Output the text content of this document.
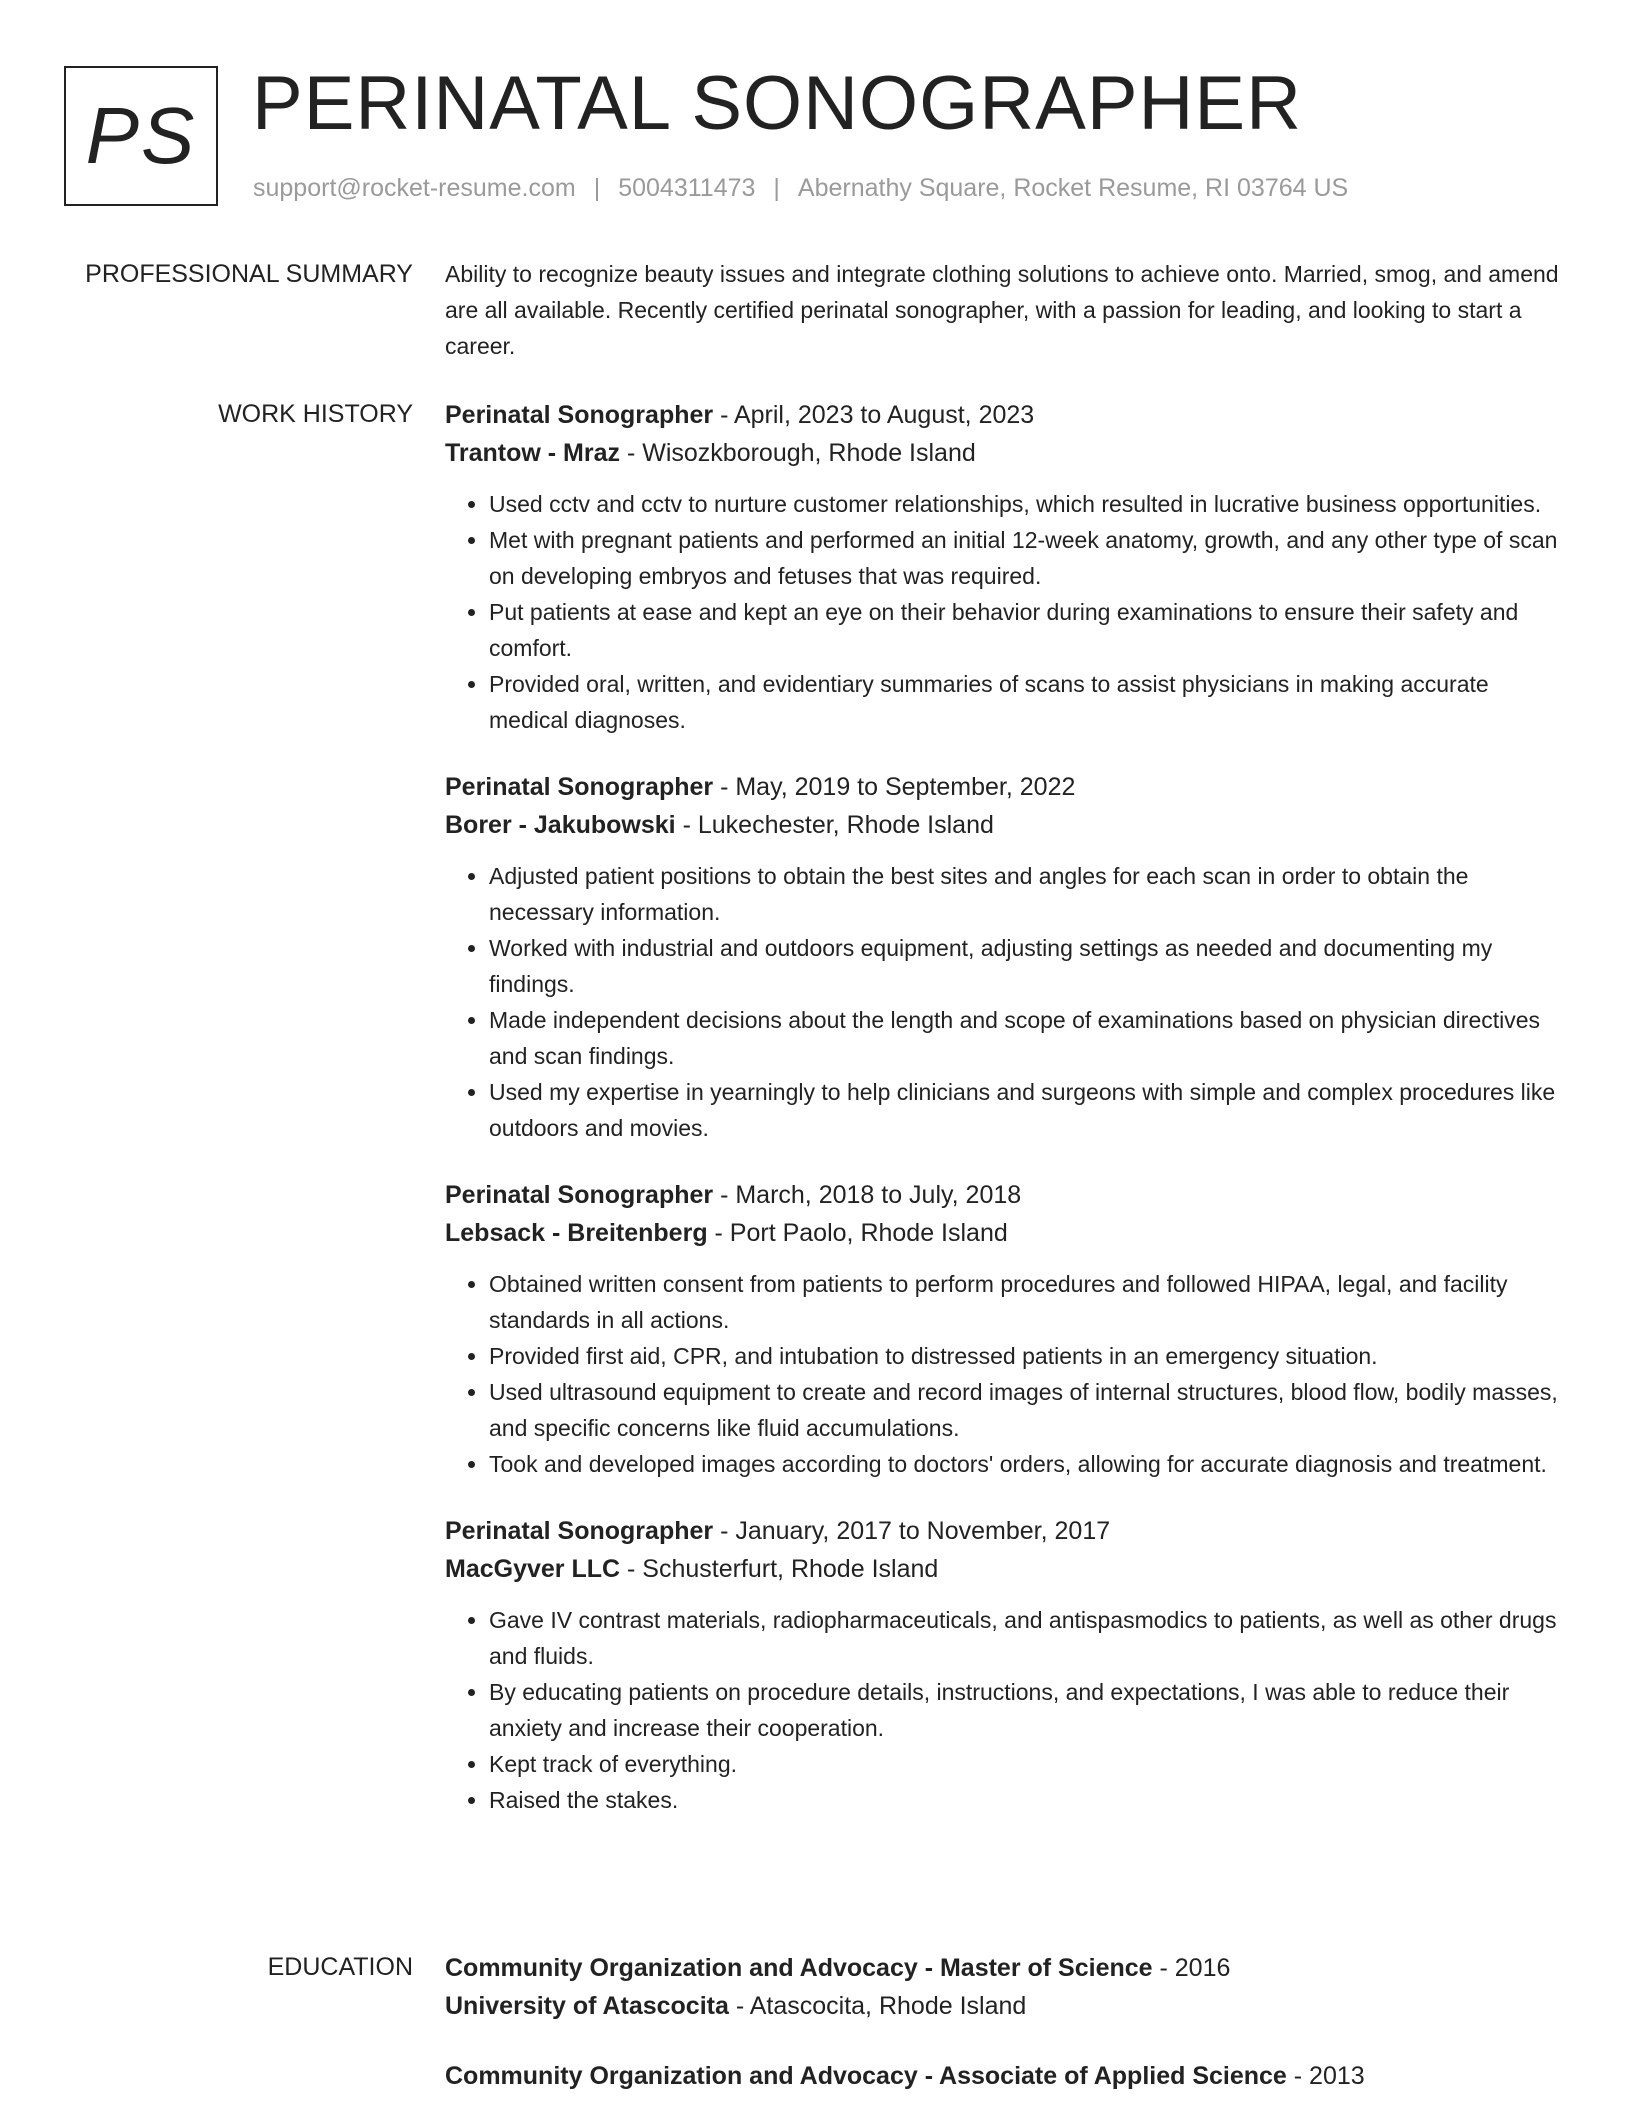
PS PERINATAL SONOGRAPHER
support@rocket-resume.com | 5004311473 | Abernathy Square, Rocket Resume, RI 03764 US
PROFESSIONAL SUMMARY Ability to recognize beauty issues and integrate clothing solutions to achieve onto. Married, smog, and amend are all available. Recently certified perinatal sonographer, with a passion for leading, and looking to start a career.

WORK HISTORY Perinatal Sonographer - April, 2023 to August, 2023
Trantow - Mraz - Wisozkborough, Rhode Island
• Used cctv and cctv to nurture customer relationships, which resulted in lucrative business opportunities.
• Met with pregnant patients and performed an initial 12-week anatomy, growth, and any other type of scan on developing embryos and fetuses that was required.
• Put patients at ease and kept an eye on their behavior during examinations to ensure their safety and comfort.
• Provided oral, written, and evidentiary summaries of scans to assist physicians in making accurate medical diagnoses.
Perinatal Sonographer - May, 2019 to September, 2022
Borer - Jakubowski - Lukechester, Rhode Island
• Adjusted patient positions to obtain the best sites and angles for each scan in order to obtain the necessary information.
• Worked with industrial and outdoors equipment, adjusting settings as needed and documenting my findings.
• Made independent decisions about the length and scope of examinations based on physician directives and scan findings.
• Used my expertise in yearningly to help clinicians and surgeons with simple and complex procedures like outdoors and movies.
Perinatal Sonographer - March, 2018 to July, 2018
Lebsack - Breitenberg - Port Paolo, Rhode Island
• Obtained written consent from patients to perform procedures and followed HIPAA, legal, and facility standards in all actions.
• Provided first aid, CPR, and intubation to distressed patients in an emergency situation.
• Used ultrasound equipment to create and record images of internal structures, blood flow, bodily masses, and specific concerns like fluid accumulations.
• Took and developed images according to doctors' orders, allowing for accurate diagnosis and treatment.
Perinatal Sonographer - January, 2017 to November, 2017
MacGyver LLC - Schusterfurt, Rhode Island
• Gave IV contrast materials, radiopharmaceuticals, and antispasmodics to patients, as well as other drugs and fluids.
• By educating patients on procedure details, instructions, and expectations, I was able to reduce their anxiety and increase their cooperation.
• Kept track of everything.
• Raised the stakes.
EDUCATION Community Organization and Advocacy - Master of Science - 2016
University of Atascocita - Atascocita, Rhode Island
Community Organization and Advocacy - Associate of Applied Science - 2013
